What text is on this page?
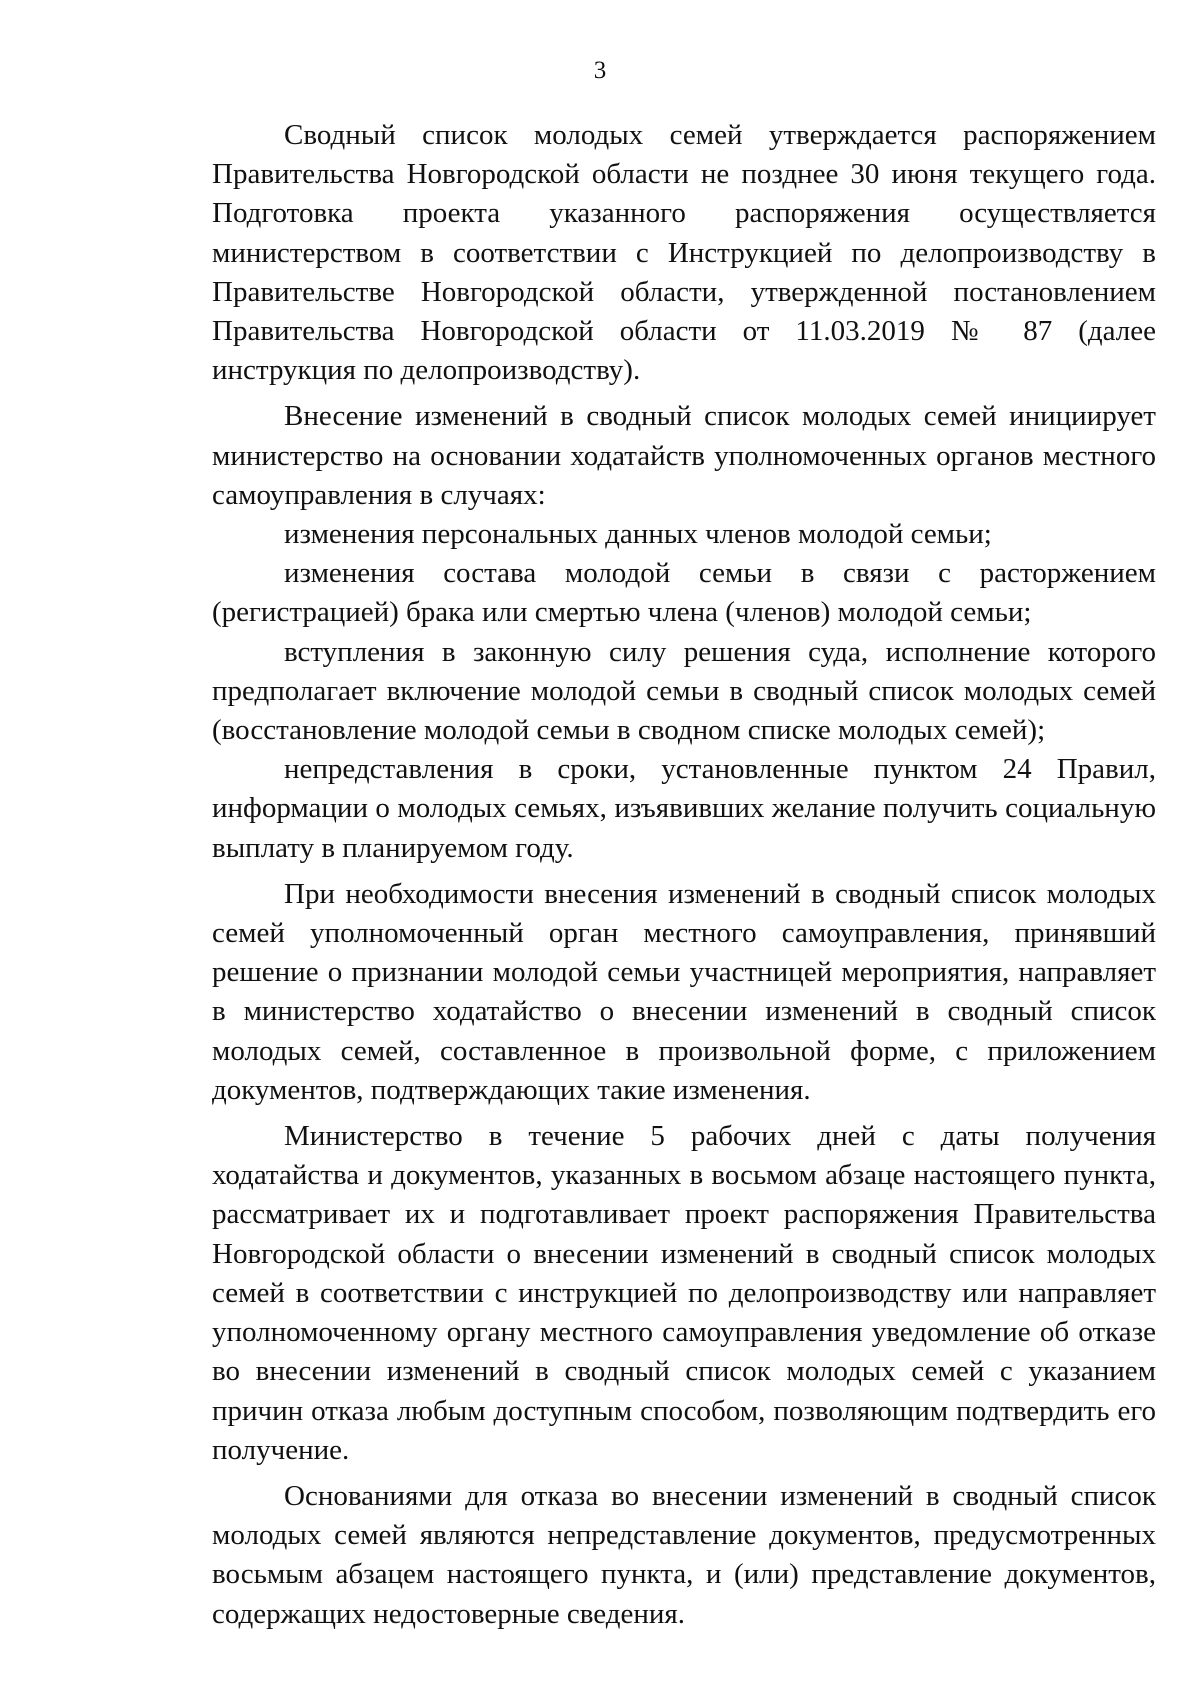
3

Сводный список молодых семей утверждается распоряжением Правительства Новгородской области не позднее 30 июня текущего года. Подготовка проекта указанного распоряжения осуществляется министерством в соответствии с Инструкцией по делопроизводству в Правительстве Новгородской области, утвержденной постановлением Правительства Новгородской области от 11.03.2019 № 87 (далее инструкция по делопроизводству).

Внесение изменений в сводный список молодых семей инициирует министерство на основании ходатайств уполномоченных органов местного самоуправления в случаях:

изменения персональных данных членов молодой семьи;

изменения состава молодой семьи в связи с расторжением (регистрацией) брака или смертью члена (членов) молодой семьи;

вступления в законную силу решения суда, исполнение которого предполагает включение молодой семьи в сводный список молодых семей (восстановление молодой семьи в сводном списке молодых семей);

непредставления в сроки, установленные пунктом 24 Правил, информации о молодых семьях, изъявивших желание получить социальную выплату в планируемом году.

При необходимости внесения изменений в сводный список молодых семей уполномоченный орган местного самоуправления, принявший решение о признании молодой семьи участницей мероприятия, направляет в министерство ходатайство о внесении изменений в сводный список молодых семей, составленное в произвольной форме, с приложением документов, подтверждающих такие изменения.

Министерство в течение 5 рабочих дней с даты получения ходатайства и документов, указанных в восьмом абзаце настоящего пункта, рассматривает их и подготавливает проект распоряжения Правительства Новгородской области о внесении изменений в сводный список молодых семей в соответствии с инструкцией по делопроизводству или направляет уполномоченному органу местного самоуправления уведомление об отказе во внесении изменений в сводный список молодых семей с указанием причин отказа любым доступным способом, позволяющим подтвердить его получение.

Основаниями для отказа во внесении изменений в сводный список молодых семей являются непредставление документов, предусмотренных восьмым абзацем настоящего пункта, и (или) представление документов, содержащих недостоверные сведения.
